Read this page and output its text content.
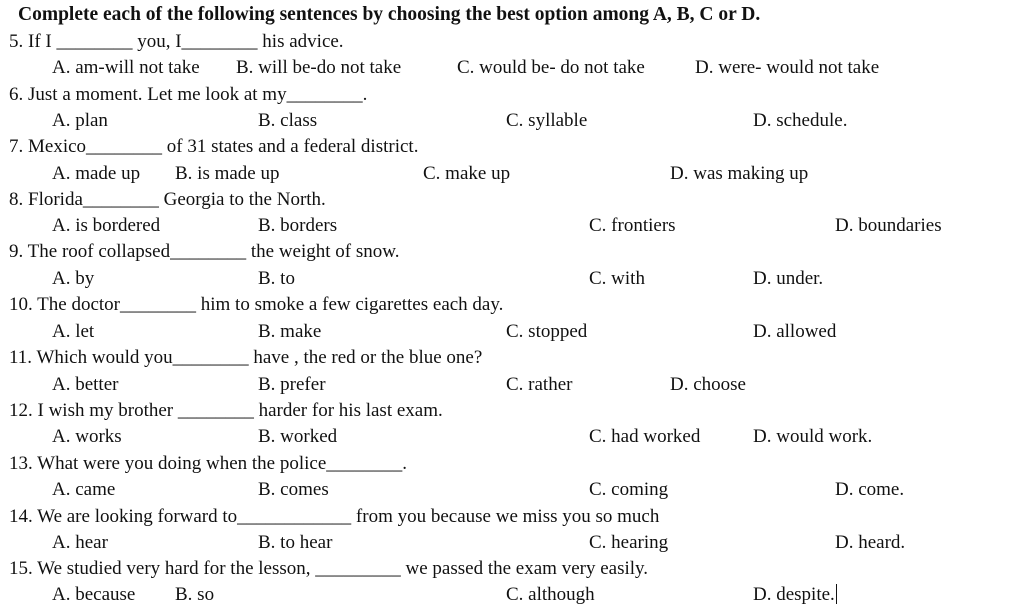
Complete each of the following sentences by choosing the best option among A, B, C or D.
5. If I ________ you, I________ his advice.
A. am-will not take B. will be-do not take	C. would be- do not take	D. were- would not take
6. Just a moment. Let me look at my________.
A. plan	B. class	C. syllable	D. schedule.
7. Mexico________ of 31 states and a federal district.
A. made up B. is made up	C. make up	D. was making up
8. Florida________ Georgia to the North.
A. is bordered	B. borders	C. frontiers	D. boundaries
9. The roof collapsed________ the weight of snow.
A. by	B. to	C. with	D. under.
10. The doctor________ him to smoke a few cigarettes each day.
A. let	B. make	C. stopped	D. allowed
11. Which would you________ have , the red or the blue one?
A. better	B. prefer	C. rather	D. choose
12. I wish my brother ________ harder for his last exam.
A. works	B. worked	C. had worked	D. would work.
13. What were you doing when the police________.
A. came	B. comes	C. coming	D. come.
14. We are looking forward to____________ from you because we miss you so much
A. hear	B. to hear	C. hearing	D. heard.
15. We studied very hard for the lesson, _________ we passed the exam very easily.
A. because B. so	C. although	D. despite.
